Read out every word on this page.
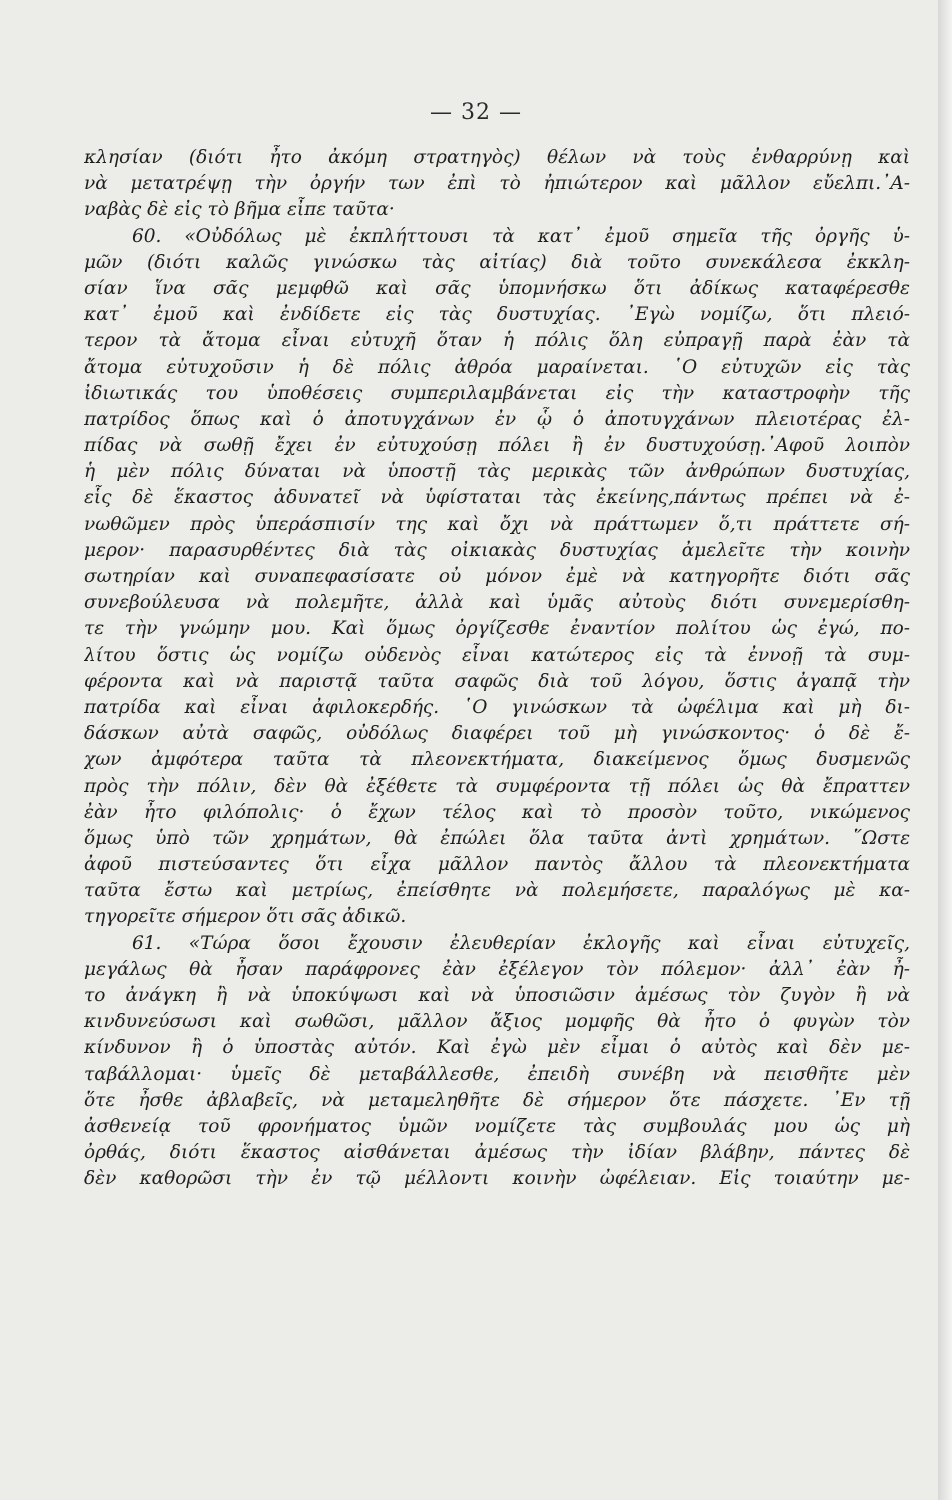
— 32 —
κλησίαν (διότι ἦτο ἀκόμη στρατηγὸς) θέλων νὰ τοὺς ἐνθαρρύνῃ καὶ
νὰ μετατρέψῃ τὴν ὀργήν των ἐπὶ τὸ ἠπιώτερον καὶ μᾶλλον εὔελπι.᾿Α-
ναβὰς δὲ εἰς τὸ βῆμα εἶπε ταῦτα·
60. «Οὐδόλως μὲ ἐκπλήττουσι τὰ κατ᾿ ἐμοῦ σημεῖα τῆς ὀργῆς ὑ-
μῶν (διότι καλῶς γινώσκω τὰς αἰτίας) διὰ τοῦτο συνεκάλεσα ἐκκλη-
σίαν ἵνα σᾶς μεμφθῶ καὶ σᾶς ὑπομνήσκω ὅτι ἀδίκως καταφέρεσθε
κατ᾿ ἐμοῦ καὶ ἐνδίδετε εἰς τὰς δυστυχίας. ᾿Εγὼ νομίζω, ὅτι πλειό-
τερον τὰ ἄτομα εἶναι εὐτυχῆ ὅταν ἡ πόλις ὅλη εὐπραγῇ παρὰ ἐὰν τὰ
ἄτομα εὐτυχοῦσιν ἡ δὲ πόλις ἀθρόα μαραίνεται. ῾Ο εὐτυχῶν εἰς τὰς
ἰδιωτικάς του ὑποθέσεις συμπεριλαμβάνεται εἰς τὴν καταστροφὴν τῆς
πατρίδος ὅπως καὶ ὁ ἀποτυγχάνων ἐν ᾧ ὁ ἀποτυγχάνων πλειοτέρας ἐλ-
πίδας νὰ σωθῇ ἔχει ἐν εὐτυχούσῃ πόλει ἢ ἐν δυστυχούσῃ.᾿Αφοῦ λοιπὸν
ἡ μὲν πόλις δύναται νὰ ὑποστῇ τὰς μερικὰς τῶν ἀνθρώπων δυστυχίας,
εἷς δὲ ἕκαστος ἀδυνατεῖ νὰ ὑφίσταται τὰς ἐκείνης,πάντως πρέπει νὰ ἐ-
νωθῶμεν πρὸς ὑπεράσπισίν της καὶ ὄχι νὰ πράττωμεν ὅ,τι πράττετε σή-
μερον· παρασυρθέντες διὰ τὰς οἰκιακὰς δυστυχίας ἀμελεῖτε τὴν κοινὴν
σωτηρίαν καὶ συναπεφασίσατε οὐ μόνον ἐμὲ νὰ κατηγορῆτε διότι σᾶς
συνεβούλευσα νὰ πολεμῆτε, ἀλλὰ καὶ ὑμᾶς αὐτοὺς διότι συνεμερίσθη-
τε τὴν γνώμην μου. Καὶ ὅμως ὀργίζεσθε ἐναντίον πολίτου ὡς ἐγώ, πο-
λίτου ὅστις ὡς νομίζω οὐδενὸς εἶναι κατώτερος εἰς τὰ ἐννοῇ τὰ συμ-
φέροντα καὶ νὰ παριστᾷ ταῦτα σαφῶς διὰ τοῦ λόγου, ὅστις ἀγαπᾷ τὴν
πατρίδα καὶ εἶναι ἀφιλοκερδής. ῾Ο γινώσκων τὰ ὠφέλιμα καὶ μὴ δι-
δάσκων αὐτὰ σαφῶς, οὐδόλως διαφέρει τοῦ μὴ γινώσκοντος· ὁ δὲ ἔ-
χων ἀμφότερα ταῦτα τὰ πλεονεκτήματα, διακείμενος ὅμως δυσμενῶς
πρὸς τὴν πόλιν, δὲν θὰ ἐξέθετε τὰ συμφέροντα τῇ πόλει ὡς θὰ ἔπραττεν
ἐὰν ἦτο φιλόπολις· ὁ ἔχων τέλος καὶ τὸ προσὸν τοῦτο, νικώμενος
ὅμως ὑπὸ τῶν χρημάτων, θὰ ἐπώλει ὅλα ταῦτα ἀντὶ χρημάτων. ῞Ωστε
ἀφοῦ πιστεύσαντες ὅτι εἶχα μᾶλλον παντὸς ἄλλου τὰ πλεονεκτήματα
ταῦτα ἔστω καὶ μετρίως, ἐπείσθητε νὰ πολεμήσετε, παραλόγως μὲ κα-
τηγορεῖτε σήμερον ὅτι σᾶς ἀδικῶ.
61. «Τώρα ὅσοι ἔχουσιν ἐλευθερίαν ἐκλογῆς καὶ εἶναι εὐτυχεῖς,
μεγάλως θὰ ἦσαν παράφρονες ἐὰν ἐξέλεγον τὸν πόλεμον· ἀλλ᾿ ἐὰν ἦ-
το ἀνάγκη ἢ νὰ ὑποκύψωσι καὶ νὰ ὑποσιῶσιν ἀμέσως τὸν ζυγὸν ἢ νὰ
κινδυνεύσωσι καὶ σωθῶσι, μᾶλλον ἄξιος μομφῆς θὰ ἦτο ὁ φυγὼν τὸν
κίνδυνον ἢ ὁ ὑποστὰς αὐτόν. Καὶ ἐγὼ μὲν εἶμαι ὁ αὐτὸς καὶ δὲν με-
ταβάλλομαι· ὑμεῖς δὲ μεταβάλλεσθε, ἐπειδὴ συνέβη νὰ πεισθῆτε μὲν
ὅτε ἦσθε ἀβλαβεῖς, νὰ μεταμεληθῆτε δὲ σήμερον ὅτε πάσχετε. ᾿Εν τῇ
ἀσθενείᾳ τοῦ φρονήματος ὑμῶν νομίζετε τὰς συμβουλάς μου ὡς μὴ
ὀρθάς, διότι ἕκαστος αἰσθάνεται ἀμέσως τὴν ἰδίαν βλάβην, πάντες δὲ
δὲν καθορῶσι τὴν ἐν τῷ μέλλοντι κοινὴν ὠφέλειαν. Εἰς τοιαύτην με-
